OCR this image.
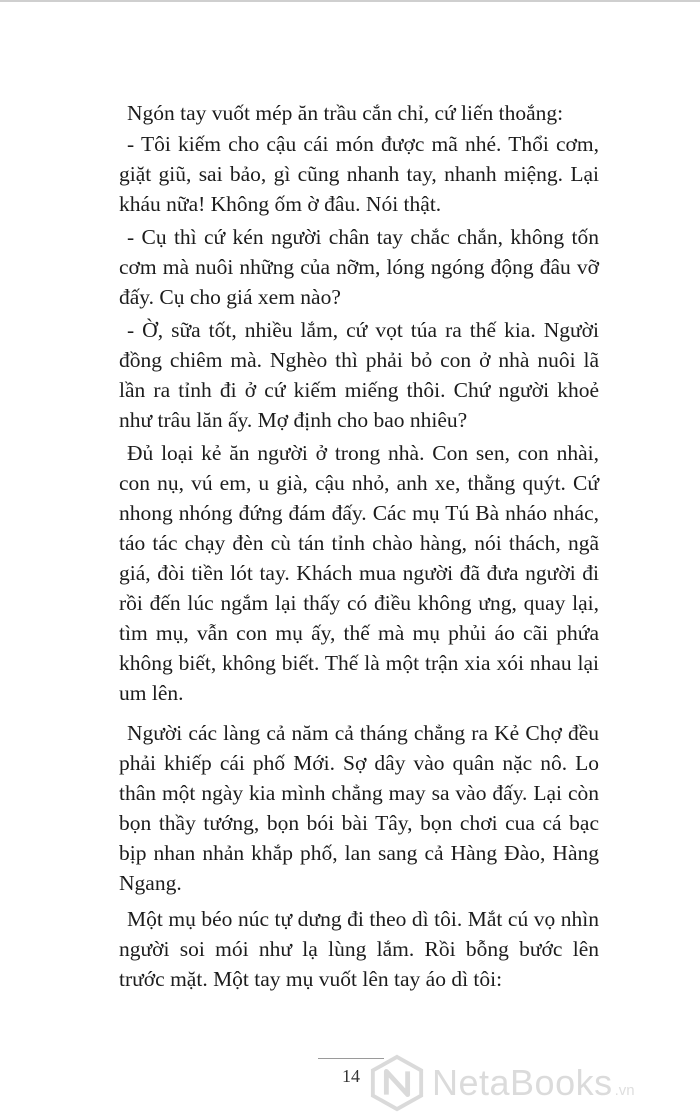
Ngón tay vuốt mép ăn trầu cắn chỉ, cứ liến thoắng:

- Tôi kiếm cho cậu cái món được mã nhé. Thổi cơm, giặt giũ, sai bảo, gì cũng nhanh tay, nhanh miệng. Lại kháu nữa! Không ốm ờ đâu. Nói thật.

- Cụ thì cứ kén người chân tay chắc chắn, không tốn cơm mà nuôi những của nỡm, lóng ngóng động đâu vỡ đấy. Cụ cho giá xem nào?

- Ờ, sữa tốt, nhiều lắm, cứ vọt túa ra thế kia. Người đồng chiêm mà. Nghèo thì phải bỏ con ở nhà nuôi lã lần ra tỉnh đi ở cứ kiếm miếng thôi. Chứ người khoẻ như trâu lăn ấy. Mợ định cho bao nhiêu?

Đủ loại kẻ ăn người ở trong nhà. Con sen, con nhài, con nụ, vú em, u già, cậu nhỏ, anh xe, thằng quýt. Cứ nhong nhóng đứng đám đấy. Các mụ Tú Bà nháo nhác, táo tác chạy đèn cù tán tỉnh chào hàng, nói thách, ngã giá, đòi tiền lót tay. Khách mua người đã đưa người đi rồi đến lúc ngắm lại thấy có điều không ưng, quay lại, tìm mụ, vẫn con mụ ấy, thế mà mụ phủi áo cãi phứa không biết, không biết. Thế là một trận xia xói nhau lại um lên.

Người các làng cả năm cả tháng chẳng ra Kẻ Chợ đều phải khiếp cái phố Mới. Sợ dây vào quân nặc nô. Lo thân một ngày kia mình chẳng may sa vào đấy. Lại còn bọn thầy tướng, bọn bói bài Tây, bọn chơi cua cá bạc bịp nhan nhản khắp phố, lan sang cả Hàng Đào, Hàng Ngang.

Một mụ béo núc tự dưng đi theo dì tôi. Mắt cú vọ nhìn người soi mói như lạ lùng lắm. Rồi bỗng bước lên trước mặt. Một tay mụ vuốt lên tay áo dì tôi:

14	NetaBooks .vn
